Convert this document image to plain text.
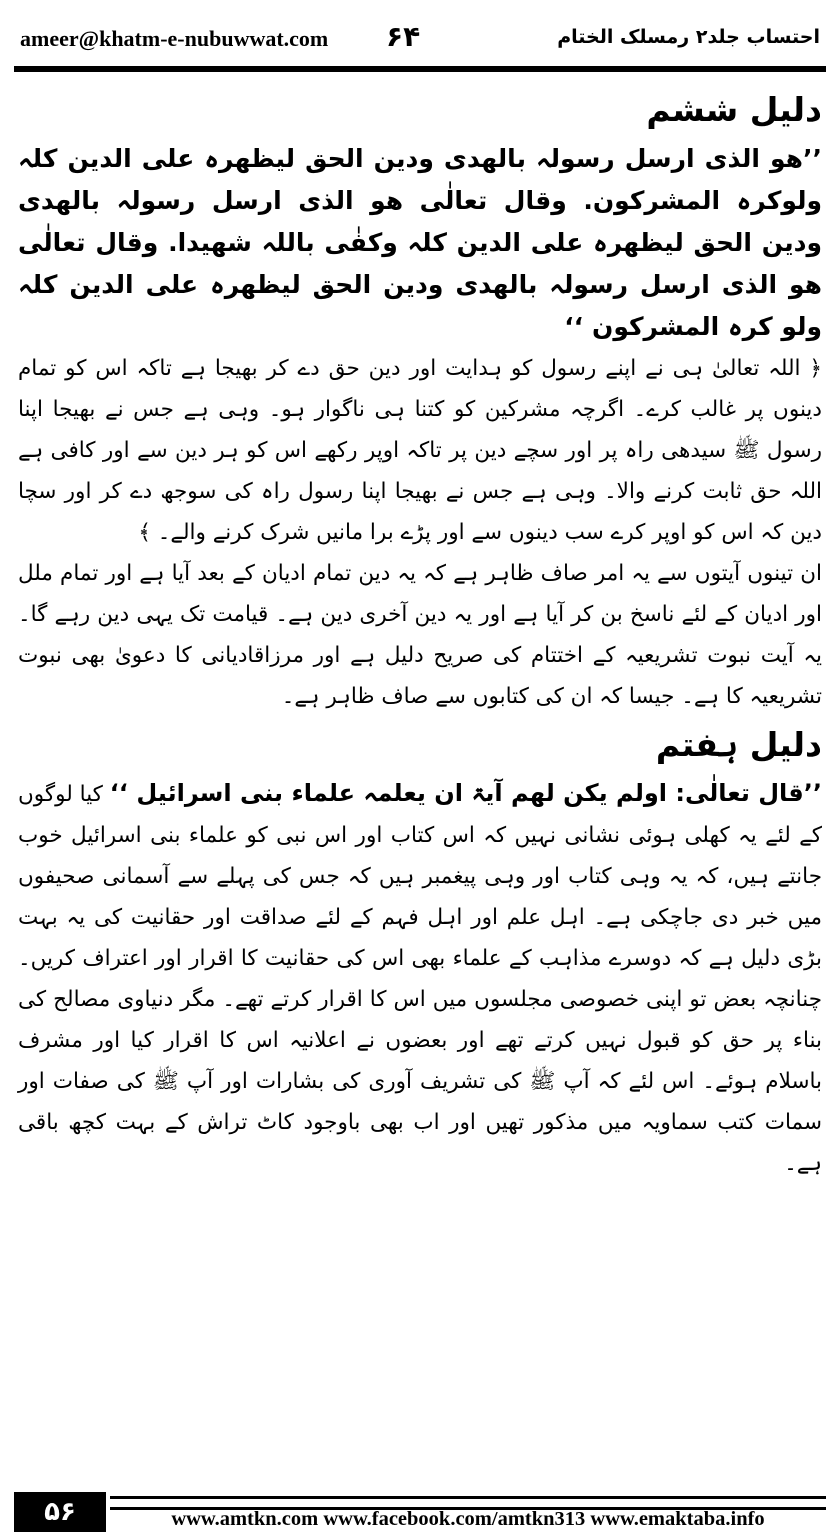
ameer@khatm-e-nubuwwat.com ۶۴	احتساب جلد۲ رمسلک الختام
دلیل ششم

’’ھو الذی ارسل رسولہ بالھدی ودین الحق لیظھرہ علی الدین کلہ ولوکرہ المشرکون. وقال تعالٰی ھو الذی ارسل رسولہ بالھدی ودین الحق لیظھرہ علی الدین کلہ وکفٰی باللہ شھیدا. وقال تعالٰی ھو الذی ارسل رسولہ بالھدی ودین الحق لیظھرہ علی الدین کلہ ولو کرہ المشرکون ‘‘

﴿ اللہ تعالیٰ ہی نے اپنے رسول کو ہدایت اور دین حق دے کر بھیجا ہے تاکہ اس کو تمام دینوں پر غالب کرے۔ اگرچہ مشرکین کو کتنا ہی ناگوار ہو۔ وہی ہے جس نے بھیجا اپنا رسول ﷺ سیدھی راہ پر اور سچے دین پر تاکہ اوپر رکھے اس کو ہر دین سے اور کافی ہے اللہ حق ثابت کرنے والا۔ وہی ہے جس نے بھیجا اپنا رسول راہ کی سوجھ دے کر اور سچا دین کہ اس کو اوپر کرے سب دینوں سے اور پڑے برا مانیں شرک کرنے والے۔ ﴾

ان تینوں آیتوں سے یہ امر صاف ظاہر ہے کہ یہ دین تمام ادیان کے بعد آیا ہے اور تمام ملل اور ادیان کے لئے ناسخ بن کر آیا ہے اور یہ دین آخری دین ہے۔ قیامت تک یہی دین رہے گا۔ یہ آیت نبوت تشریعیہ کے اختتام کی صریح دلیل ہے اور مرزاقادیانی کا دعویٰ بھی نبوت تشریعیہ کا ہے۔ جیسا کہ ان کی کتابوں سے صاف ظاہر ہے۔

دلیل ہفتم

’’قال تعالٰی: اولم یکن لھم آیۃ ان یعلمہ علماء بنی اسرائیل ‘‘ کیا لوگوں کے لئے یہ کھلی ہوئی نشانی نہیں کہ اس کتاب اور اس نبی کو علماء بنی اسرائیل خوب جانتے ہیں، کہ یہ وہی کتاب اور وہی پیغمبر ہیں کہ جس کی پہلے سے آسمانی صحیفوں میں خبر دی جاچکی ہے۔ اہل علم اور اہل فہم کے لئے صداقت اور حقانیت کی یہ بہت بڑی دلیل ہے کہ دوسرے مذاہب کے علماء بھی اس کی حقانیت کا اقرار اور اعتراف کریں۔ چنانچہ بعض تو اپنی خصوصی مجلسوں میں اس کا اقرار کرتے تھے۔ مگر دنیاوی مصالح کی بناء پر حق کو قبول نہیں کرتے تھے اور بعضوں نے اعلانیہ اس کا اقرار کیا اور مشرف باسلام ہوئے۔ اس لئے کہ آپ ﷺ کی تشریف آوری کی بشارات اور آپ ﷺ کی صفات اور سمات کتب سماویہ میں مذکور تھیں اور اب بھی باوجود کاٹ تراش کے بہت کچھ باقی ہے۔

۵۶	www.amtkn.com www.facebook.com/amtkn313 www.emaktaba.info
